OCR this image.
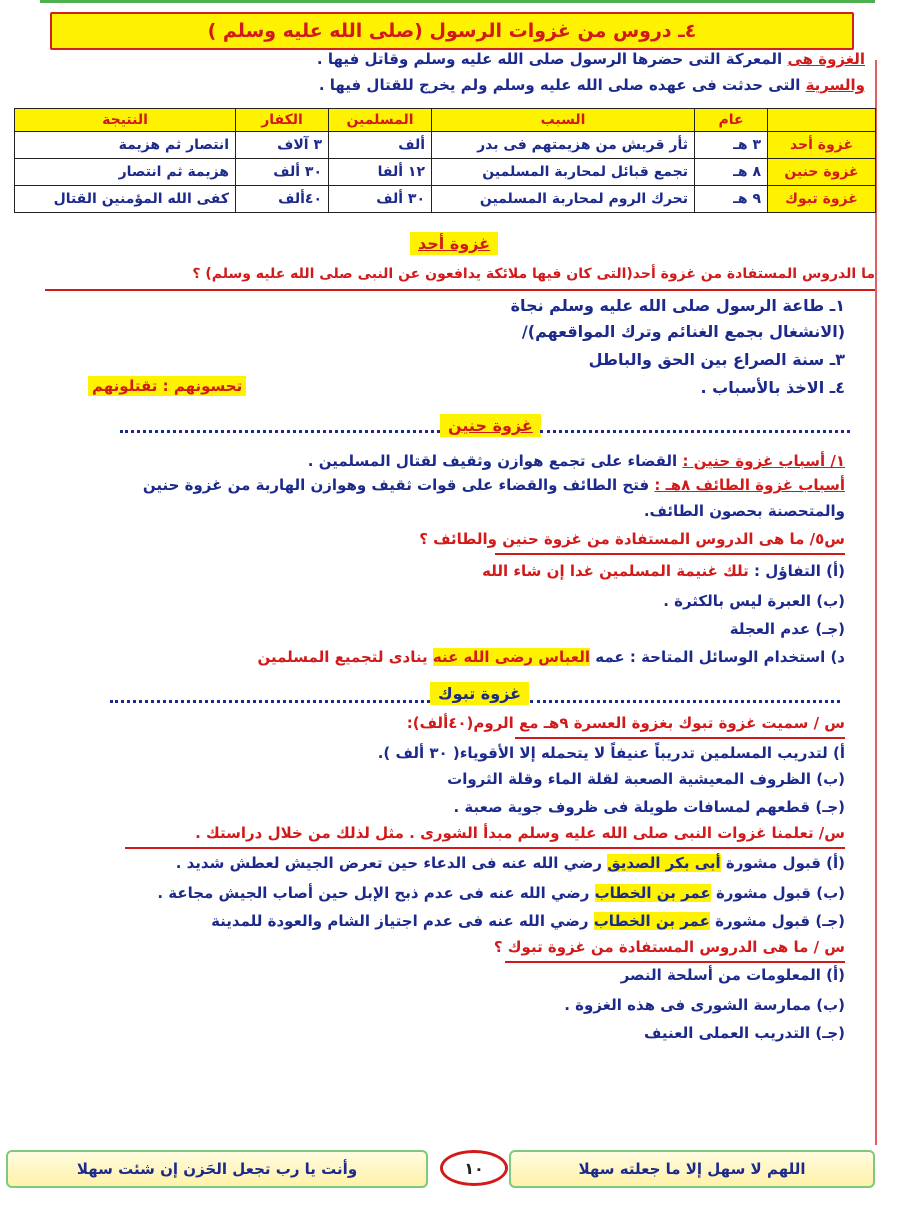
٤ـ دروس من غزوات الرسول (صلى الله عليه وسلم )
الغزوة هى المعركة التى حضرها الرسول صلى الله عليه وسلم وقاتل فيها .
والسرية التى حدثت فى عهده صلى الله عليه وسلم ولم يخرج للقتال فيها .
	عام	السبب	المسلمين	الكفار	النتيجة
غزوة أحد	٣ هـ	ثأر قريش من هزيمتهم فى بدر	ألف	٣ آلاف	انتصار ثم هزيمة
غزوة حنين	٨ هـ	تجمع قبائل لمحاربة المسلمين	١٢ ألفا	٣٠ ألف	هزيمة ثم انتصار
غزوة تبوك	٩ هـ	تحرك الروم لمحاربة المسلمين	٣٠ ألف	٤٠ألف	كفى الله المؤمنين القتال
غزوة أحد
ما الدروس المستفادة من غزوة أحد(التى كان فيها ملائكة يدافعون عن النبى صلى الله عليه وسلم) ؟
١ـ طاعة الرسول صلى الله عليه وسلم نجاة
(الانشغال بجمع الغنائم وترك المواقعهم)/
٣ـ سنة الصراع بين الحق والباطل
٤ـ الاخذ بالأسباب .
تحسونهم : تقتلونهم
غزوة حنين
١/ أسباب غزوة حنين : القضاء على تجمع هوازن وثقيف لقتال المسلمين .
أسباب غزوة الطائف ٨هـ : فتح الطائف والقضاء على قوات ثقيف وهوازن الهاربة من غزوة حنين
والمتحصنة بحصون الطائف.
س٥/ ما هى الدروس المستفادة من غزوة حنين والطائف ؟
(أ) التفاؤل : تلك غنيمة المسلمين غدا إن شاء الله
(ب) العبرة ليس بالكثرة .
(جـ) عدم العجلة
د) استخدام الوسائل المتاحة : عمه العباس رضى الله عنه ينادى لتجميع المسلمين
غزوة تبوك
س / سميت غزوة تبوك بغزوة العسرة ٩هـ مع الروم(٤٠ألف):
أ) لتدريب المسلمين تدريباً عنيفاً لا يتحمله إلا الأقوياء( ٣٠ ألف ).
(ب) الظروف المعيشية الصعبة لقلة الماء وقلة الثروات
(جـ) قطعهم لمسافات طويلة فى ظروف جوية صعبة .
س/ تعلمنا غزوات النبى صلى الله عليه وسلم مبدأ الشورى . مثل لذلك من خلال دراستك .
(أ) قبول مشورة أبى بكر الصديق رضي الله عنه فى الدعاء حين تعرض الجيش لعطش شديد .
(ب) قبول مشورة عمر بن الخطاب رضي الله عنه فى عدم ذبح الإبل حين أصاب الجيش مجاعة .
(جـ) قبول مشورة عمر بن الخطاب رضي الله عنه فى عدم اجتياز الشام والعودة للمدينة
س / ما هى الدروس المستفادة من غزوة تبوك ؟
(أ) المعلومات من أسلحة النصر
(ب) ممارسة الشورى فى هذه الغزوة .
(جـ) التدريب العملى العنيف
اللهم لا سهل إلا ما جعلته سهلا
١٠
وأنت يا رب تجعل الحَزن إن شئت سهلا
